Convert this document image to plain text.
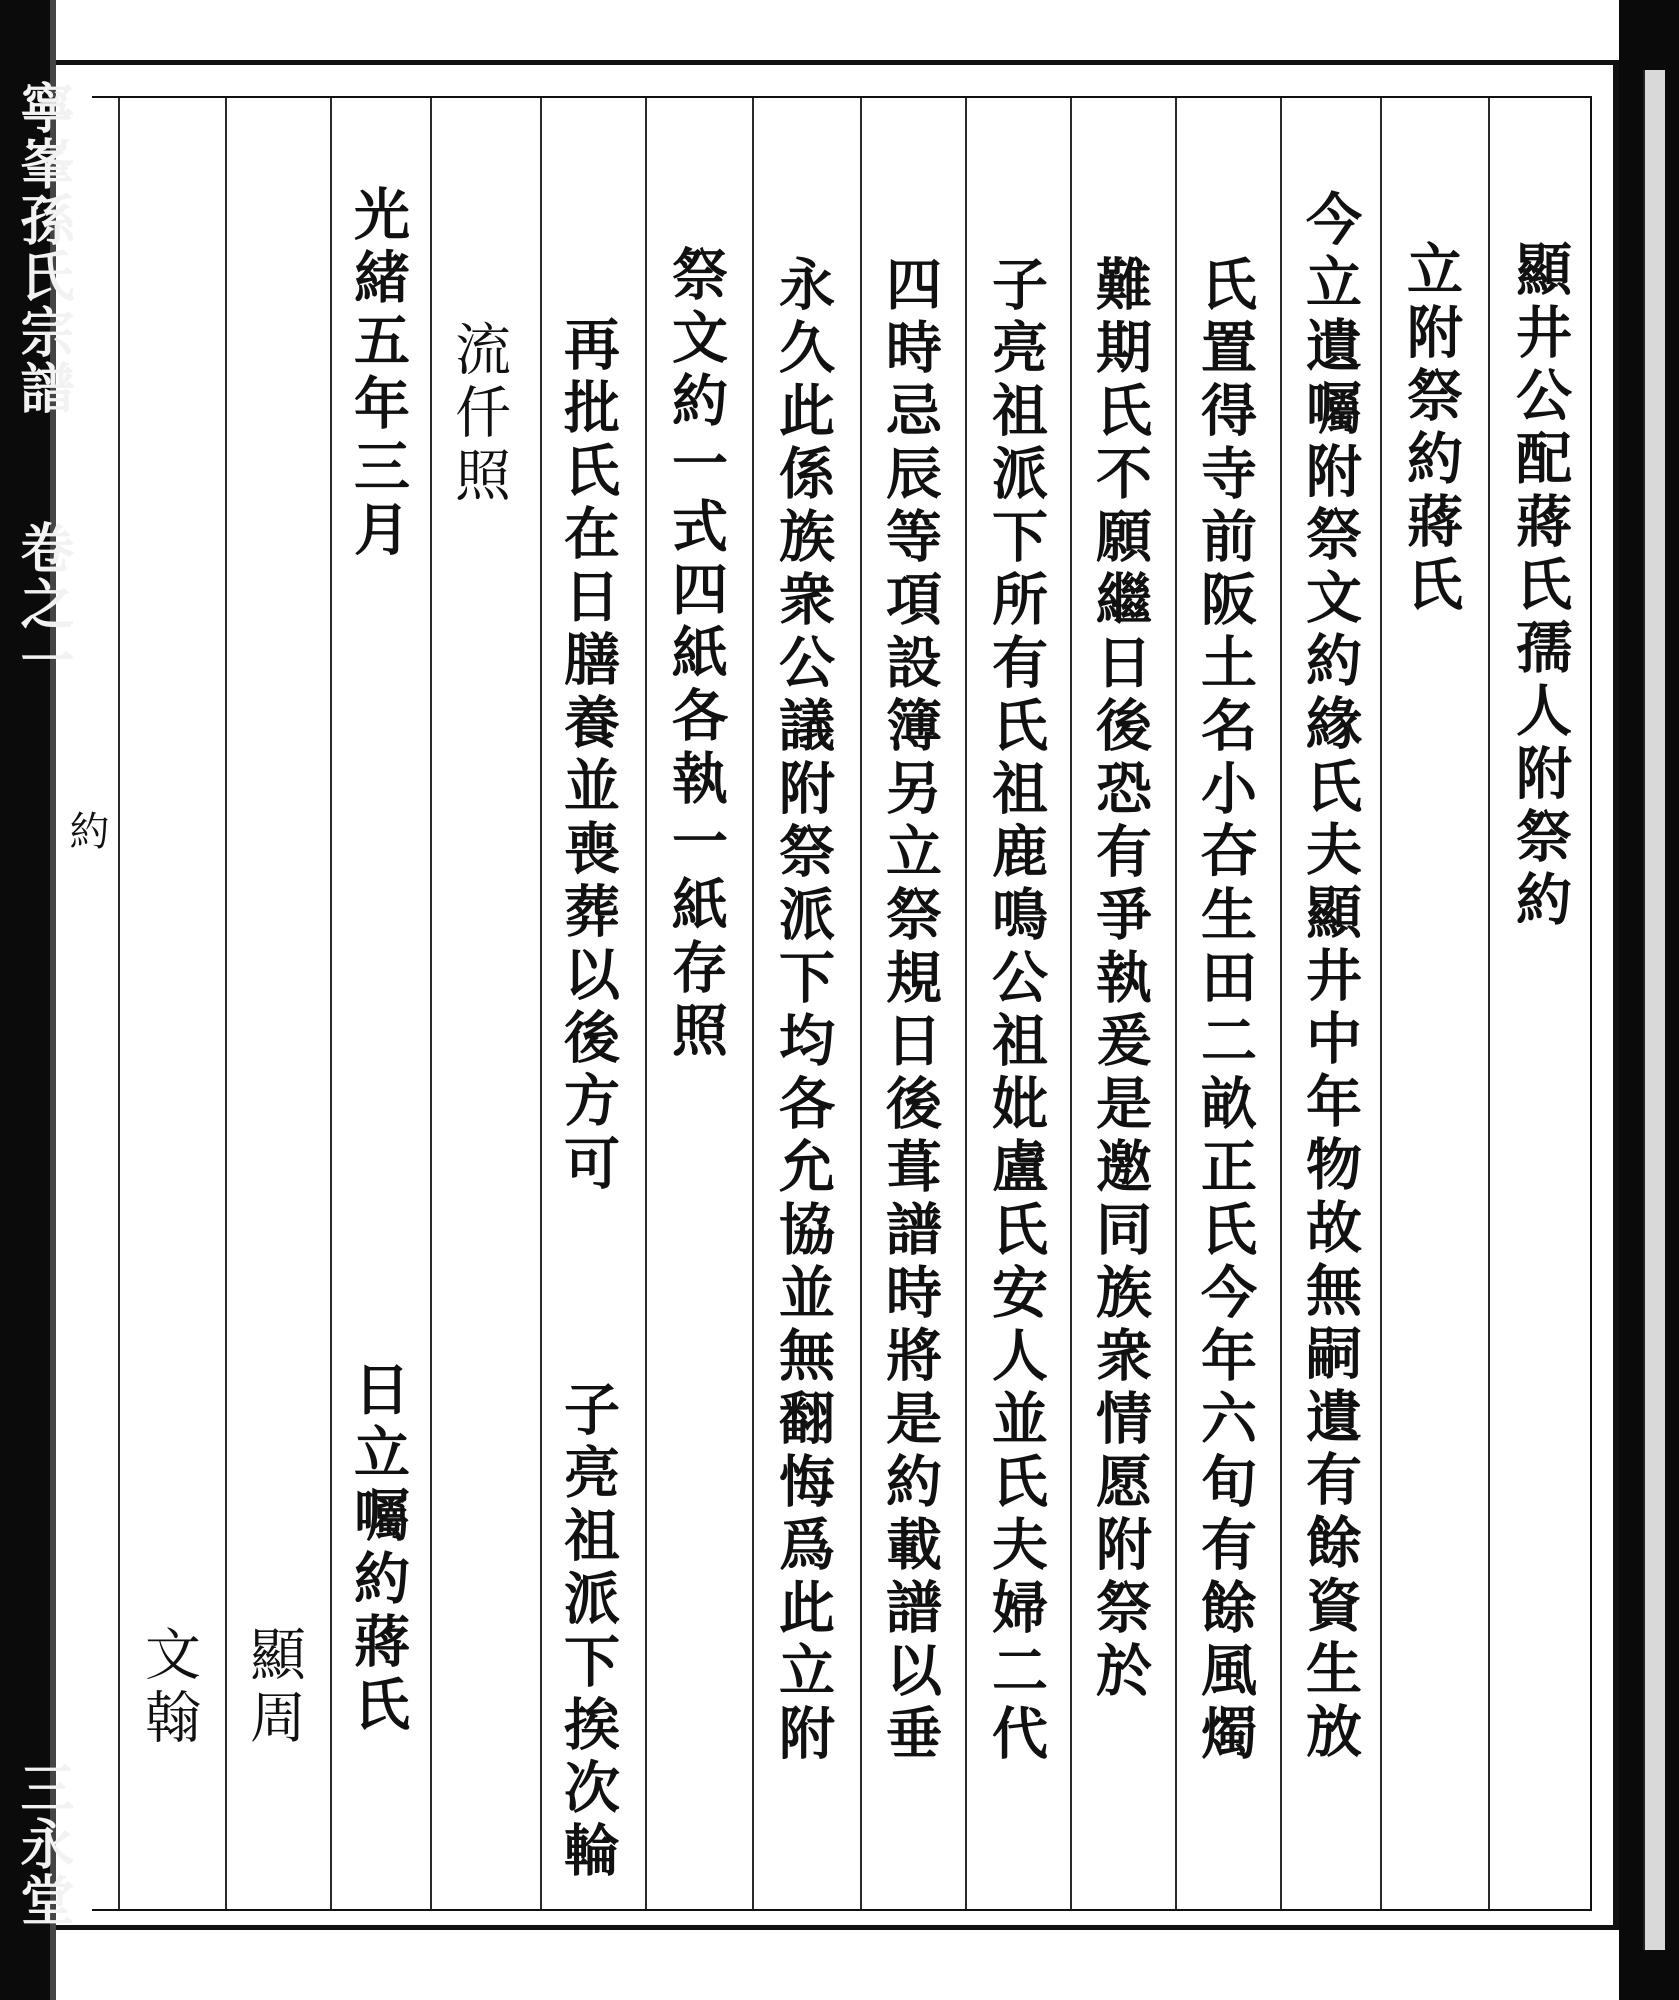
寧峯孫氏宗譜
卷之一
約
三永堂
顯井公配蔣氏孺人附祭約
立附祭約蔣氏
今立遺囑附祭文約緣氏夫顯井中年物故無嗣遺有餘資生放
氏置得寺前阪土名小夻生田二畝正氏今年六旬有餘風燭
難期氏不願繼日後恐有爭執爰是邀同族衆情愿附祭於
子亮祖派下所有氏祖鹿鳴公祖妣盧氏安人並氏夫婦二代
四時忌辰等項設簿另立祭規日後葺譜時將是約載譜以垂
永久此係族衆公議附祭派下均各允協並無翻悔爲此立附
祭文約一式四紙各執一紙存照
再批氏在日膳養並喪葬以後方可
子亮祖派下挨次輪
流仟照
光緒五年三月
日立囑約蔣氏
顯周
文翰
